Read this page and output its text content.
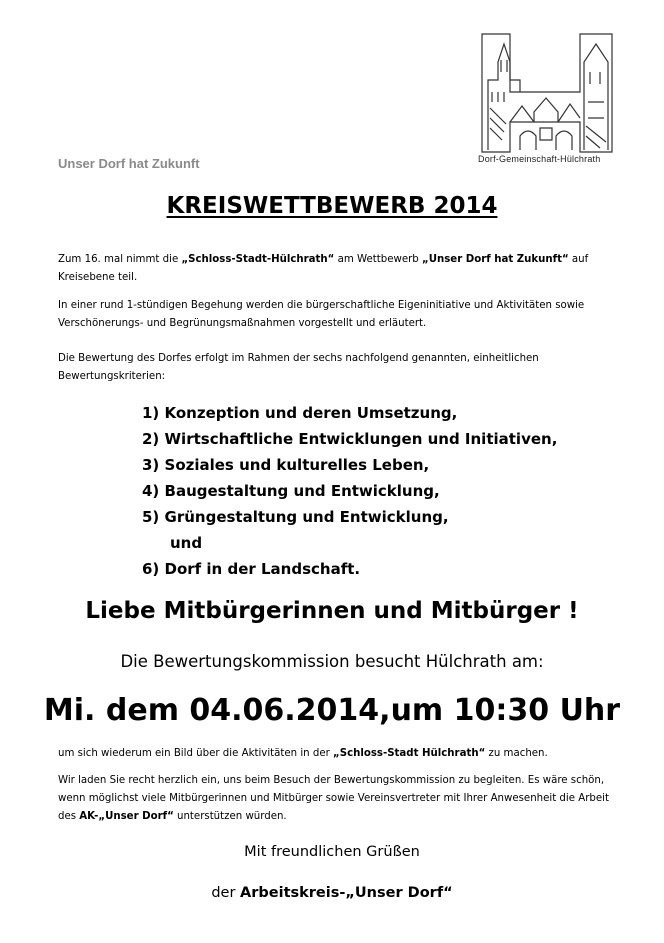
Dorf-Gemeinschaft-Hülchrath
Unser Dorf hat Zukunft
KREISWETTBEWERB 2014
Zum 16. mal nimmt die „Schloss-Stadt-Hülchrath“ am Wettbewerb „Unser Dorf hat Zukunft“ auf Kreisebene teil.
In einer rund 1-stündigen Begehung werden die bürgerschaftliche Eigeninitiative und Aktivitäten sowie Verschönerungs- und Begrünungsmaßnahmen vorgestellt und erläutert.
Die Bewertung des Dorfes erfolgt im Rahmen der sechs nachfolgend genannten, einheitlichen Bewertungskriterien:
1) Konzeption und deren Umsetzung,
2) Wirtschaftliche Entwicklungen und Initiativen,
3) Soziales und kulturelles Leben,
4) Baugestaltung und Entwicklung,
5) Grüngestaltung und Entwicklung,
und
6) Dorf in der Landschaft.
Liebe Mitbürgerinnen und Mitbürger !
Die Bewertungskommission besucht Hülchrath am:
Mi. dem 04.06.2014,um 10:30 Uhr
um sich wiederum ein Bild über die Aktivitäten in der „Schloss-Stadt Hülchrath“ zu machen.
Wir laden Sie recht herzlich ein, uns beim Besuch der Bewertungskommission zu begleiten. Es wäre schön, wenn möglichst viele Mitbürgerinnen und Mitbürger sowie Vereinsvertreter mit Ihrer Anwesenheit die Arbeit des AK-„Unser Dorf“ unterstützen würden.
Mit freundlichen Grüßen
der Arbeitskreis-„Unser Dorf“
